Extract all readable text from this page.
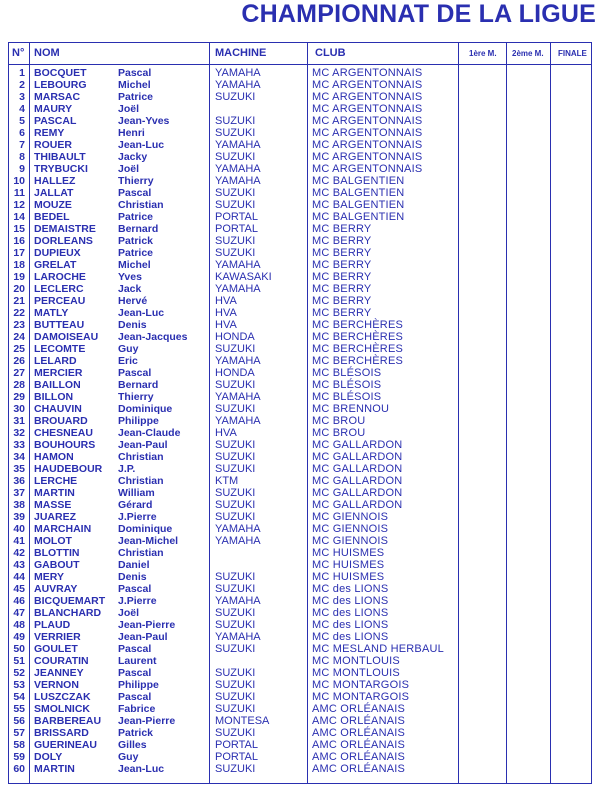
CHAMPIONNAT DE LA LIGUE
N° NOM	MACHINE	CLUB	1ère M. 2ème M. FINALE
1 BOCQUET	Pascal	YAMAHA	MC ARGENTONNAIS
2 LEBOURG	Michel	YAMAHA	MC ARGENTONNAIS
3 MARSAC	Patrice	SUZUKI	MC ARGENTONNAIS
4 MAURY	Joël	MC ARGENTONNAIS
5 PASCAL	Jean-Yves	SUZUKI	MC ARGENTONNAIS
6 REMY	Henri	SUZUKI	MC ARGENTONNAIS
7 ROUER	Jean-Luc	YAMAHA	MC ARGENTONNAIS
8 THIBAULT	Jacky	SUZUKI	MC ARGENTONNAIS
9 TRYBUCKI	Joël	YAMAHA	MC ARGENTONNAIS
10 HALLEZ	Thierry	YAMAHA	MC BALGENTIEN
11 JALLAT	Pascal	SUZUKI	MC BALGENTIEN
12 MOUZE	Christian	SUZUKI	MC BALGENTIEN
14 BEDEL	Patrice	PORTAL	MC BALGENTIEN
15 DEMAISTRE Bernard	PORTAL	MC BERRY
16 DORLEANS Patrick	SUZUKI	MC BERRY
17 DUPIEUX	Patrice	SUZUKI	MC BERRY
18 GRELAT	Michel	YAMAHA	MC BERRY
19 LAROCHE	Yves	KAWASAKI	MC BERRY
20 LECLERC	Jack	YAMAHA	MC BERRY
21 PERCEAU	Hervé	HVA	MC BERRY
22 MATLY	Jean-Luc	HVA	MC BERRY
23 BUTTEAU	Denis	HVA	MC BERCHÈRES
24 DAMOISEAU Jean-Jacques	HONDA	MC BERCHÈRES
25 LECOMTE	Guy	SUZUKI	MC BERCHÈRES
26 LELARD	Eric	YAMAHA	MC BERCHÈRES
27 MERCIER	Pascal	HONDA	MC BLÉSOIS
28 BAILLON	Bernard	SUZUKI	MC BLÉSOIS
29 BILLON	Thierry	YAMAHA	MC BLÉSOIS
30 CHAUVIN	Dominique	SUZUKI	MC BRENNOU
31 BROUARD	Philippe	YAMAHA	MC BROU
32 CHESNEAU Jean-Claude	HVA	MC BROU
33 BOUHOURS Jean-Paul	SUZUKI	MC GALLARDON
34 HAMON	Christian	SUZUKI	MC GALLARDON
35 HAUDEBOUR J.P.	SUZUKI	MC GALLARDON
36 LERCHE	Christian	KTM	MC GALLARDON
37 MARTIN	William	SUZUKI	MC GALLARDON
38 MASSE	Gérard	SUZUKI	MC GALLARDON
39 JUAREZ	J.Pierre	SUZUKI	MC GIENNOIS
40 MARCHAIN	Dominique	YAMAHA	MC GIENNOIS
41 MOLOT	Jean-Michel	YAMAHA	MC GIENNOIS
42 BLOTTIN	Christian	MC HUISMES
43 GABOUT	Daniel	MC HUISMES
44 MERY	Denis	SUZUKI	MC HUISMES
45 AUVRAY	Pascal	SUZUKI	MC des LIONS
46 BICQUEMART J.Pierre	YAMAHA	MC des LIONS
47 BLANCHARD Joël	SUZUKI	MC des LIONS
48 PLAUD	Jean-Pierre	SUZUKI	MC des LIONS
49 VERRIER	Jean-Paul	YAMAHA	MC des LIONS
50 GOULET	Pascal	SUZUKI	MC MESLAND HERBAUL
51 COURATIN	Laurent	MC MONTLOUIS
52 JEANNEY	Pascal	SUZUKI	MC MONTLOUIS
53 VERNON	Philippe	SUZUKI	MC MONTARGOIS
54 LUSZCZAK	Pascal	SUZUKI	MC MONTARGOIS
55 SMOLNICK	Fabrice	SUZUKI	AMC ORLÉANAIS
56 BARBEREAU Jean-Pierre	MONTESA	AMC ORLÉANAIS
57 BRISSARD	Patrick	SUZUKI	AMC ORLÉANAIS
58 GUERINEAU Gilles	PORTAL	AMC ORLÉANAIS
59 DOLY	Guy	PORTAL	AMC ORLÉANAIS
60 MARTIN	Jean-Luc	SUZUKI	AMC ORLÉANAIS
